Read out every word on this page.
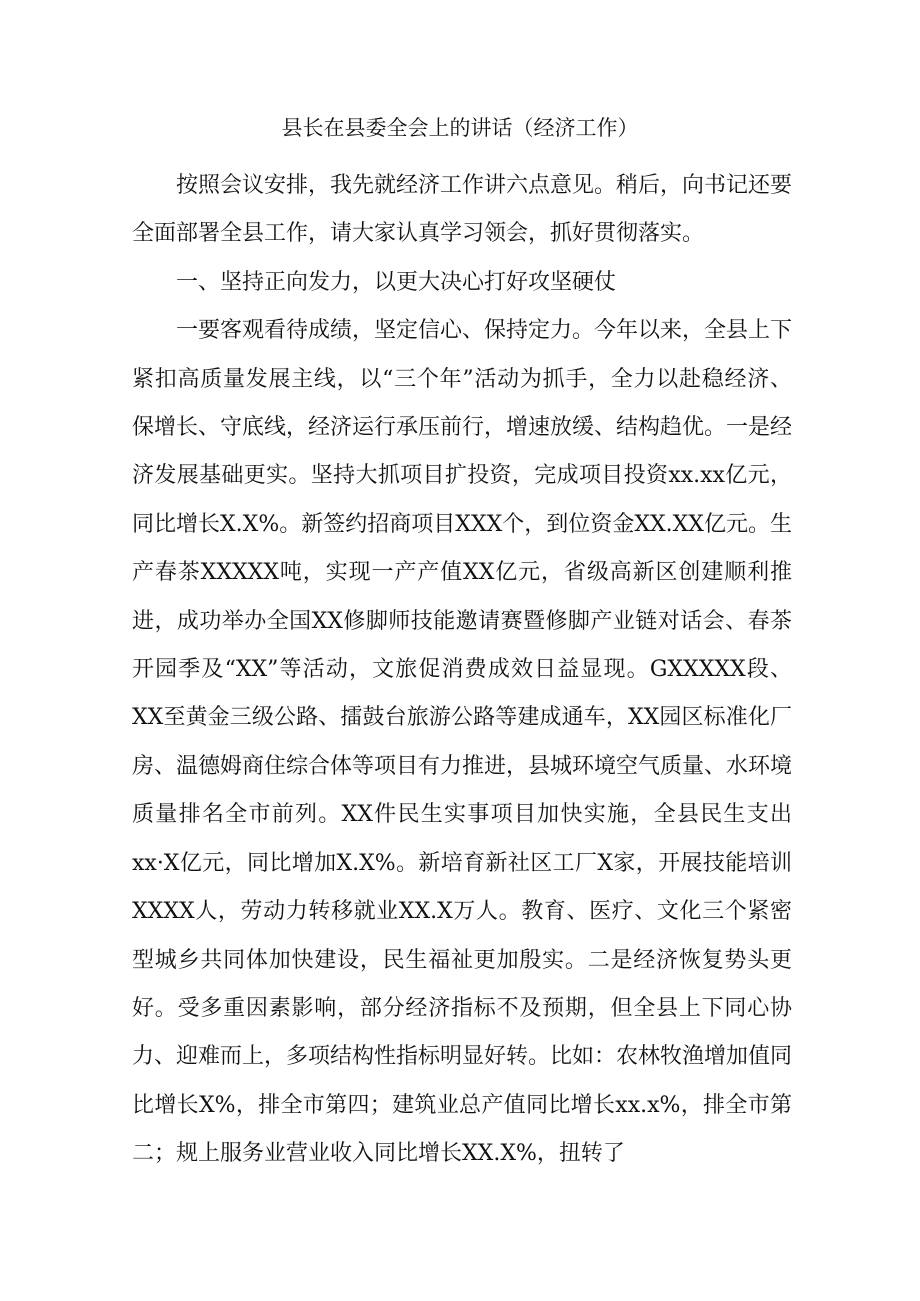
县长在县委全会上的讲话（经济工作）

按照会议安排，我先就经济工作讲六点意见。稍后，向书记还要全面部署全县工作，请大家认真学习领会，抓好贯彻落实。

一、坚持正向发力，以更大决心打好攻坚硬仗

一要客观看待成绩，坚定信心、保持定力。今年以来，全县上下紧扣高质量发展主线，以“三个年”活动为抓手，全力以赴稳经济、保增长、守底线，经济运行承压前行，增速放缓、结构趋优。一是经济发展基础更实。坚持大抓项目扩投资，完成项目投资xx.xx亿元，同比增长X.X%。新签约招商项目XXX个，到位资金XX.XX亿元。生产春茶XXXXX吨，实现一产产值XX亿元，省级高新区创建顺利推进，成功举办全国XX修脚师技能邀请赛暨修脚产业链对话会、春茶开园季及“XX”等活动，文旅促消费成效日益显现。GXXXXX段、XX至黄金三级公路、擂鼓台旅游公路等建成通车，XX园区标准化厂房、温德姆商住综合体等项目有力推进，县城环境空气质量、水环境质量排名全市前列。XX件民生实事项目加快实施，全县民生支出xx·X亿元，同比增加X.X%。新培育新社区工厂X家，开展技能培训XXXX人，劳动力转移就业XX.X万人。教育、医疗、文化三个紧密型城乡共同体加快建设，民生福祉更加殷实。二是经济恢复势头更好。受多重因素影响，部分经济指标不及预期，但全县上下同心协力、迎难而上，多项结构性指标明显好转。比如：农林牧渔增加值同比增长X%，排全市第四；建筑业总产值同比增长xx.x%，排全市第二；规上服务业营业收入同比增长XX.X%，扭转了
